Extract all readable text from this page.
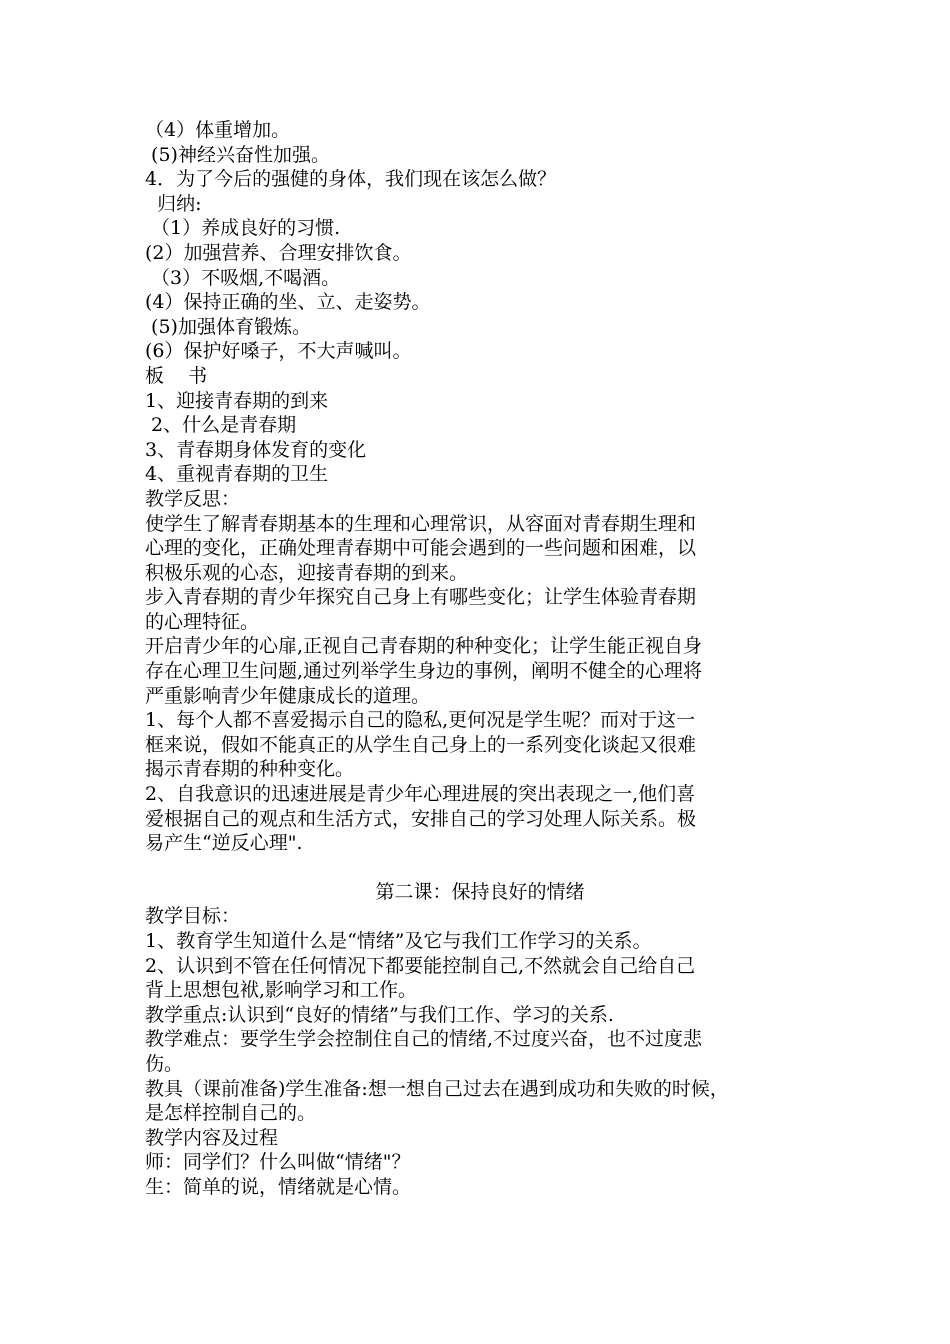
（4）体重增加。

(5)神经兴奋性加强。

4．为了今后的强健的身体，我们现在该怎么做？

归纳:

（1）养成良好的习惯.

(2）加强营养、合理安排饮食。

（3）不吸烟,不喝酒。

(4）保持正确的坐、立、走姿势。

(5)加强体育锻炼。

(6）保护好嗓子，不大声喊叫。

板    书

1、迎接青春期的到来

2、什么是青春期

3、青春期身体发育的变化

4、重视青春期的卫生

教学反思：

使学生了解青春期基本的生理和心理常识，从容面对青春期生理和

心理的变化，正确处理青春期中可能会遇到的一些问题和困难，以

积极乐观的心态，迎接青春期的到来。

步入青春期的青少年探究自己身上有哪些变化；让学生体验青春期

的心理特征。

开启青少年的心扉,正视自己青春期的种种变化；让学生能正视自身

存在心理卫生问题,通过列举学生身边的事例，阐明不健全的心理将

严重影响青少年健康成长的道理。

1、每个人都不喜爱揭示自己的隐私,更何况是学生呢？而对于这一

框来说，假如不能真正的从学生自己身上的一系列变化谈起又很难

揭示青春期的种种变化。

2、自我意识的迅速进展是青少年心理进展的突出表现之一,他们喜

爱根据自己的观点和生活方式，安排自己的学习处理人际关系。极

易产生“逆反心理".

第二课：保持良好的情绪

教学目标：

1、教育学生知道什么是“情绪”及它与我们工作学习的关系。

2、认识到不管在任何情况下都要能控制自己,不然就会自己给自己

背上思想包袱,影响学习和工作。

教学重点:认识到“良好的情绪”与我们工作、学习的关系.

教学难点：要学生学会控制住自己的情绪,不过度兴奋，也不过度悲

伤。

教具（课前准备)学生准备:想一想自己过去在遇到成功和失败的时候，

是怎样控制自己的。

教学内容及过程

师：同学们？什么叫做“情绪"？

生：简单的说，情绪就是心情。
